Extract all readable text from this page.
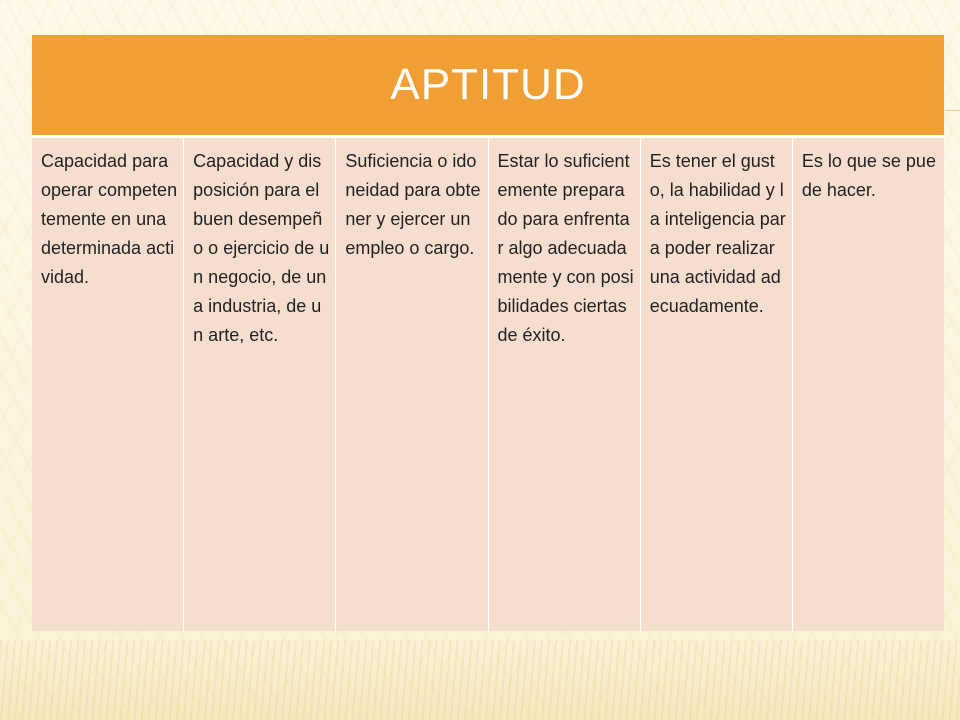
APTITUD
Capacidad para operar competentemente en una determinada actividad.
Capacidad y disposición para el buen desempeño o ejercicio de un negocio, de una industria, de un arte, etc.
Suficiencia o idoneidad para obtener y ejercer un empleo o cargo.
Estar lo suficientemente preparado para enfrentar algo adecuadamente y con posibilidades ciertas de éxito.
Es tener el gusto, la habilidad y la inteligencia para poder realizar una actividad adecuadamente.
Es lo que se puede hacer.
